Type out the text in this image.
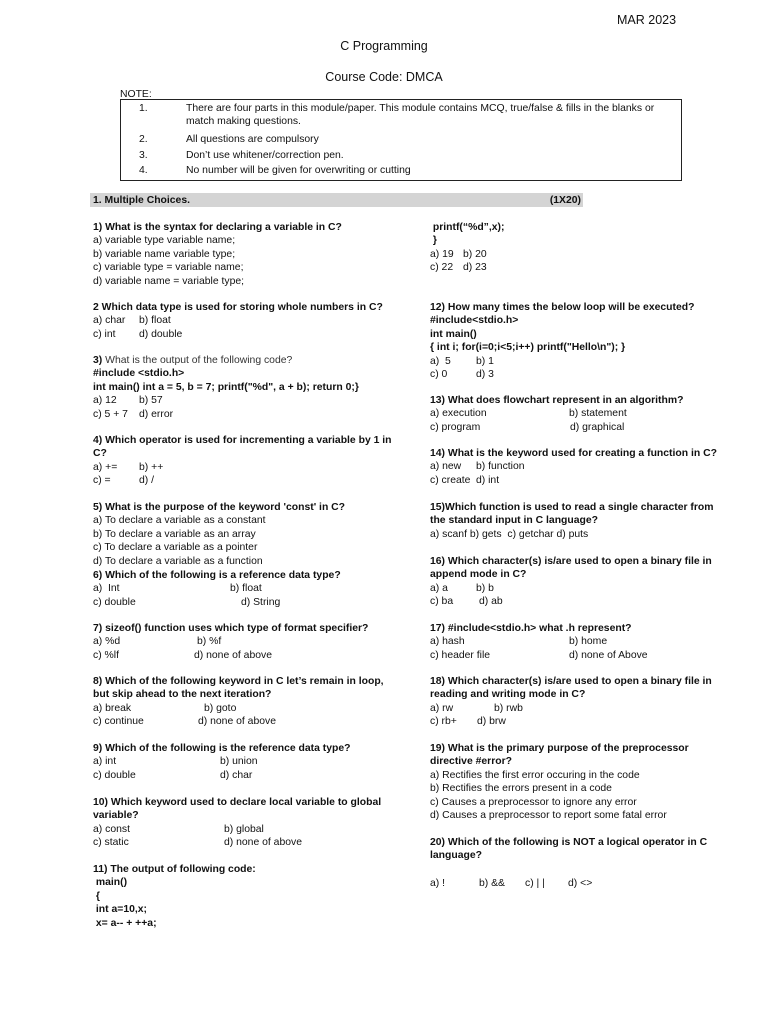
MAR 2023
C Programming
Course Code: DMCA
NOTE:
1.	There are four parts in this module/paper. This module contains MCQ, true/false & fills in the blanks or match making questions.
2.	All questions are compulsory
3.	Don’t use whitener/correction pen.
4.	No number will be given for overwriting or cutting
1. Multiple Choices.	(1X20)
1) What is the syntax for declaring a variable in C?
a) variable type variable name;
b) variable name variable type;
c) variable type = variable name;
d) variable name = variable type;
2 Which data type is used for storing whole numbers in C?
a) char b) float
c) int d) double
3) What is the output of the following code?
#include <stdio.h>
int main() int a = 5, b = 7; printf("%d", a + b); return 0;}
a) 12 b) 57
c) 5 + 7 d) error
4) Which operator is used for incrementing a variable by 1 in
C?
a) += b) ++
c) =	d) /
5) What is the purpose of the keyword 'const' in C?
a) To declare a variable as a constant
b) To declare a variable as an array
c) To declare a variable as a pointer
d) To declare a variable as a function
6) Which of the following is a reference data type?
a)  Int	b) float
c) double	d) String
7) sizeof() function uses which type of format specifier?
a) %d	b) %f
c) %lf	d) none of above
8) Which of the following keyword in C let’s remain in loop,
but skip ahead to the next iteration?
a) break	b) goto
c) continue	d) none of above
9) Which of the following is the reference data type?
a) int	b) union
c) double	d) char
10) Which keyword used to declare local variable to global
variable?
a) const	b) global
c) static	d) none of above
11) The output of following code:
main()
{
int a=10,x;
x= a-- + ++a;
printf(“%d”,x);
}
a) 19 b) 20
c) 22 d) 23
12) How many times the below loop will be executed?
#include<stdio.h>
int main()
{ int i; for(i=0;i<5;i++) printf("Hello\n"); }
a)  5 b) 1
c) 0	d) 3
13) What does flowchart represent in an algorithm?
a) execution	b) statement
c) program	d) graphical
14) What is the keyword used for creating a function in C?
a) new b) function
c) create d) int
15)Which function is used to read a single character from
the standard input in C language?
a) scanf b) gets  c) getchar d) puts
16) Which character(s) is/are used to open a binary file in
append mode in C?
a) a	b) b
c) ba d) ab
17) #include<stdio.h> what .h represent?
a) hash	b) home
c) header file	d) none of Above
18) Which character(s) is/are used to open a binary file in
reading and writing mode in C?
a) rw	b) rwb
c) rb+ d) brw
19) What is the primary purpose of the preprocessor
directive #error?
a) Rectifies the first error occuring in the code
b) Rectifies the errors present in a code
c) Causes a preprocessor to ignore any error
d) Causes a preprocessor to report some fatal error
20) Which of the following is NOT a logical operator in C
language?
a) !	b) && c) | | d) <>
